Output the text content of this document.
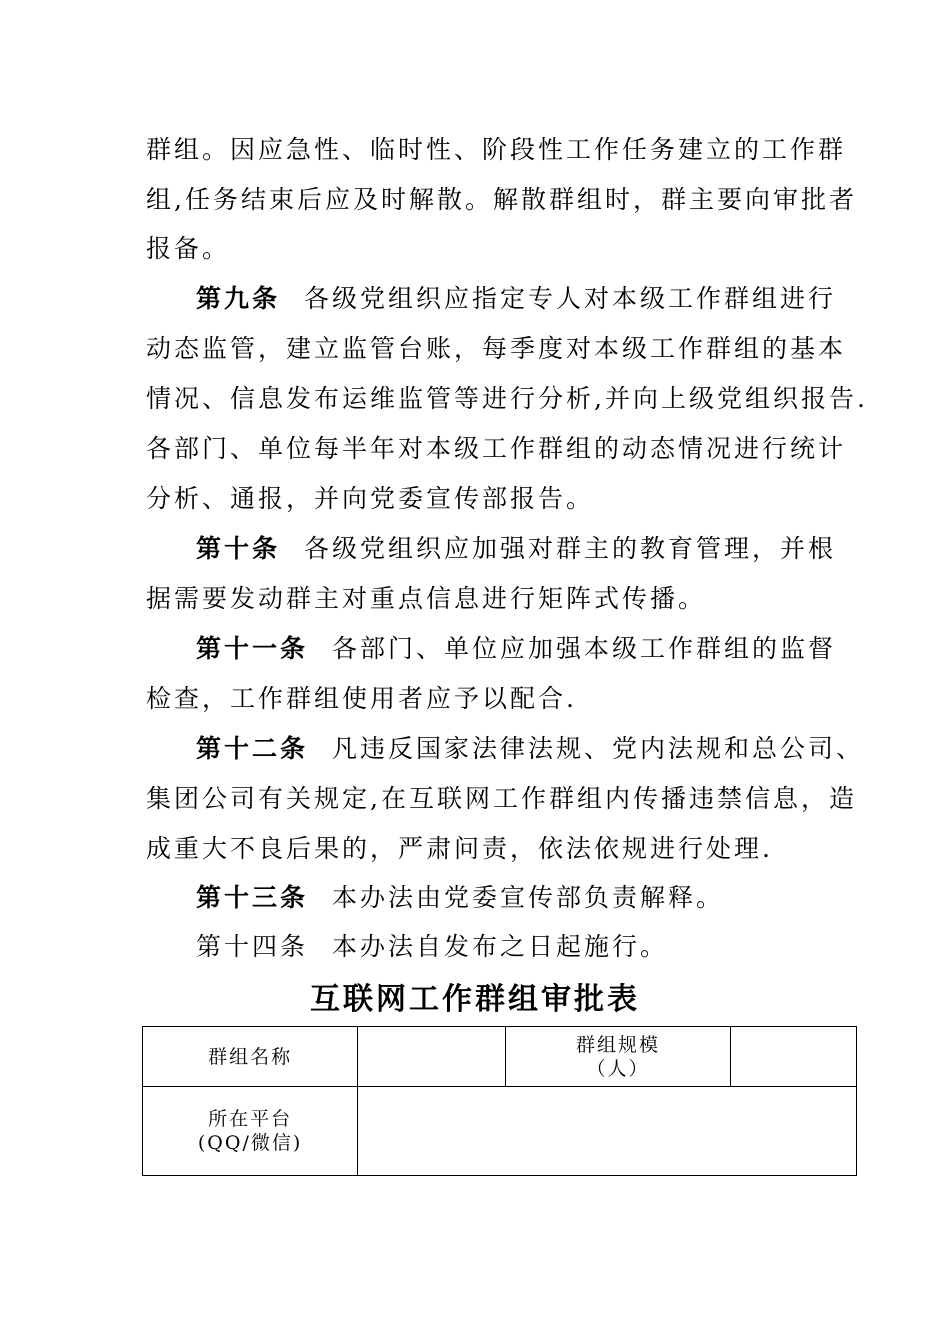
群组。因应急性、临时性、阶段性工作任务建立的工作群
组,任务结束后应及时解散。解散群组时，群主要向审批者
报备。
第九条 各级党组织应指定专人对本级工作群组进行
动态监管，建立监管台账，每季度对本级工作群组的基本
情况、信息发布运维监管等进行分析,并向上级党组织报告.
各部门、单位每半年对本级工作群组的动态情况进行统计
分析、通报，并向党委宣传部报告。
第十条 各级党组织应加强对群主的教育管理，并根
据需要发动群主对重点信息进行矩阵式传播。
第十一条 各部门、单位应加强本级工作群组的监督
检查，工作群组使用者应予以配合.
第十二条 凡违反国家法律法规、党内法规和总公司、
集团公司有关规定,在互联网工作群组内传播违禁信息，造
成重大不良后果的，严肃问责，依法依规进行处理.
第十三条 本办法由党委宣传部负责解释。
第十四条 本办法自发布之日起施行。
互联网工作群组审批表
群组名称		群组规模
（人）	

所在平台
(QQ/微信)			
